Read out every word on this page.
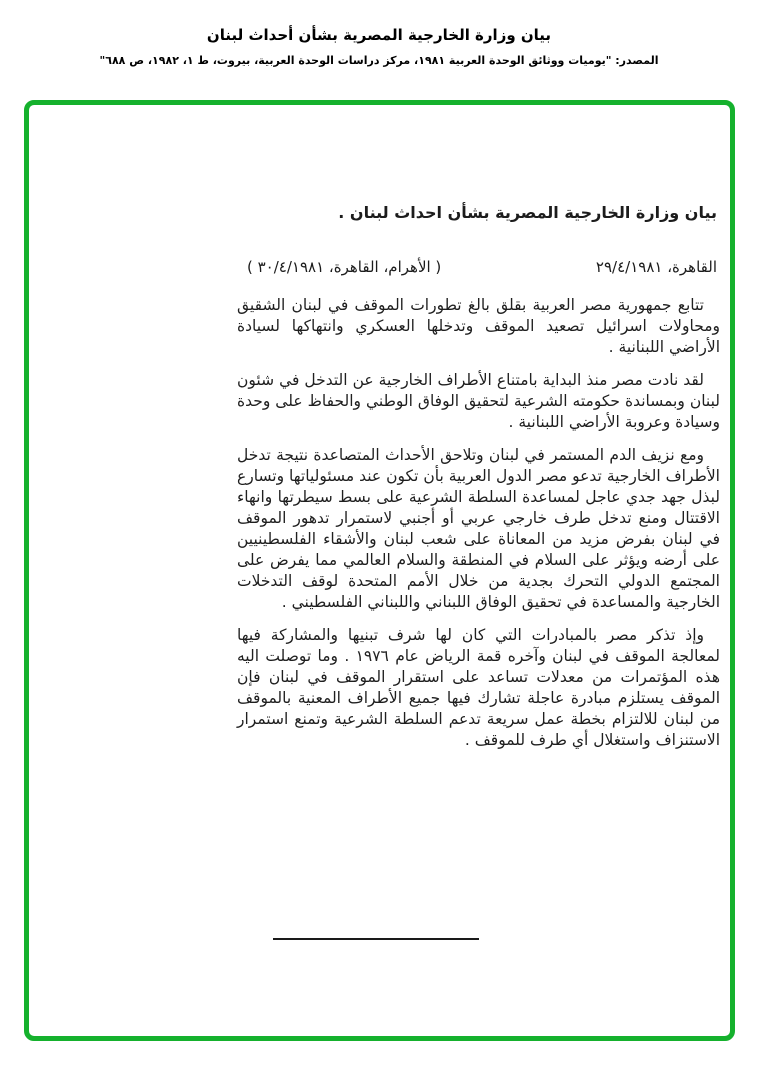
بيان وزارة الخارجية المصرية بشأن أحداث لبنان
المصدر: "يوميات ووثائق الوحدة العربية ١٩٨١، مركز دراسات الوحدة العربية، بيروت، ط ١، ١٩٨٢، ص ٦٨٨"
بيان وزارة الخارجية المصرية بشأن احداث لبنان .
القاهرة، ٢٩/٤/١٩٨١
( الأهرام، القاهرة، ٣٠/٤/١٩٨١ )

تتابع جمهورية مصر العربية بقلق بالغ تطورات الموقف في لبنان الشقيق ومحاولات اسرائيل تصعيد الموقف وتدخلها العسكري وانتهاكها لسيادة الأراضي اللبنانية .

لقد نادت مصر منذ البداية بامتناع الأطراف الخارجية عن التدخل في شئون لبنان وبمساندة حكومته الشرعية لتحقيق الوفاق الوطني والحفاظ على وحدة وسيادة وعروبة الأراضي اللبنانية .

ومع نزيف الدم المستمر في لبنان وتلاحق الأحداث المتصاعدة نتيجة تدخل الأطراف الخارجية تدعو مصر الدول العربية بأن تكون عند مسئولياتها وتسارع لبذل جهد جدي عاجل لمساعدة السلطة الشرعية على بسط سيطرتها وانهاء الاقتتال ومنع تدخل طرف خارجي عربي أو أجنبي لاستمرار تدهور الموقف في لبنان بفرض مزيد من المعاناة على شعب لبنان والأشقاء الفلسطينيين على أرضه ويؤثر على السلام في المنطقة والسلام العالمي مما يفرض على المجتمع الدولي التحرك بجدية من خلال الأمم المتحدة لوقف التدخلات الخارجية والمساعدة في تحقيق الوفاق اللبناني واللبناني الفلسطيني .

وإذ تذكر مصر بالمبادرات التي كان لها شرف تبنيها والمشاركة فيها لمعالجة الموقف في لبنان وآخره قمة الرياض عام ١٩٧٦ . وما توصلت اليه هذه المؤتمرات من معدلات تساعد على استقرار الموقف في لبنان فإن الموقف يستلزم مبادرة عاجلة تشارك فيها جميع الأطراف المعنية بالموقف من لبنان للالتزام بخطة عمل سريعة تدعم السلطة الشرعية وتمنع استمرار الاستنزاف واستغلال أي طرف للموقف .
